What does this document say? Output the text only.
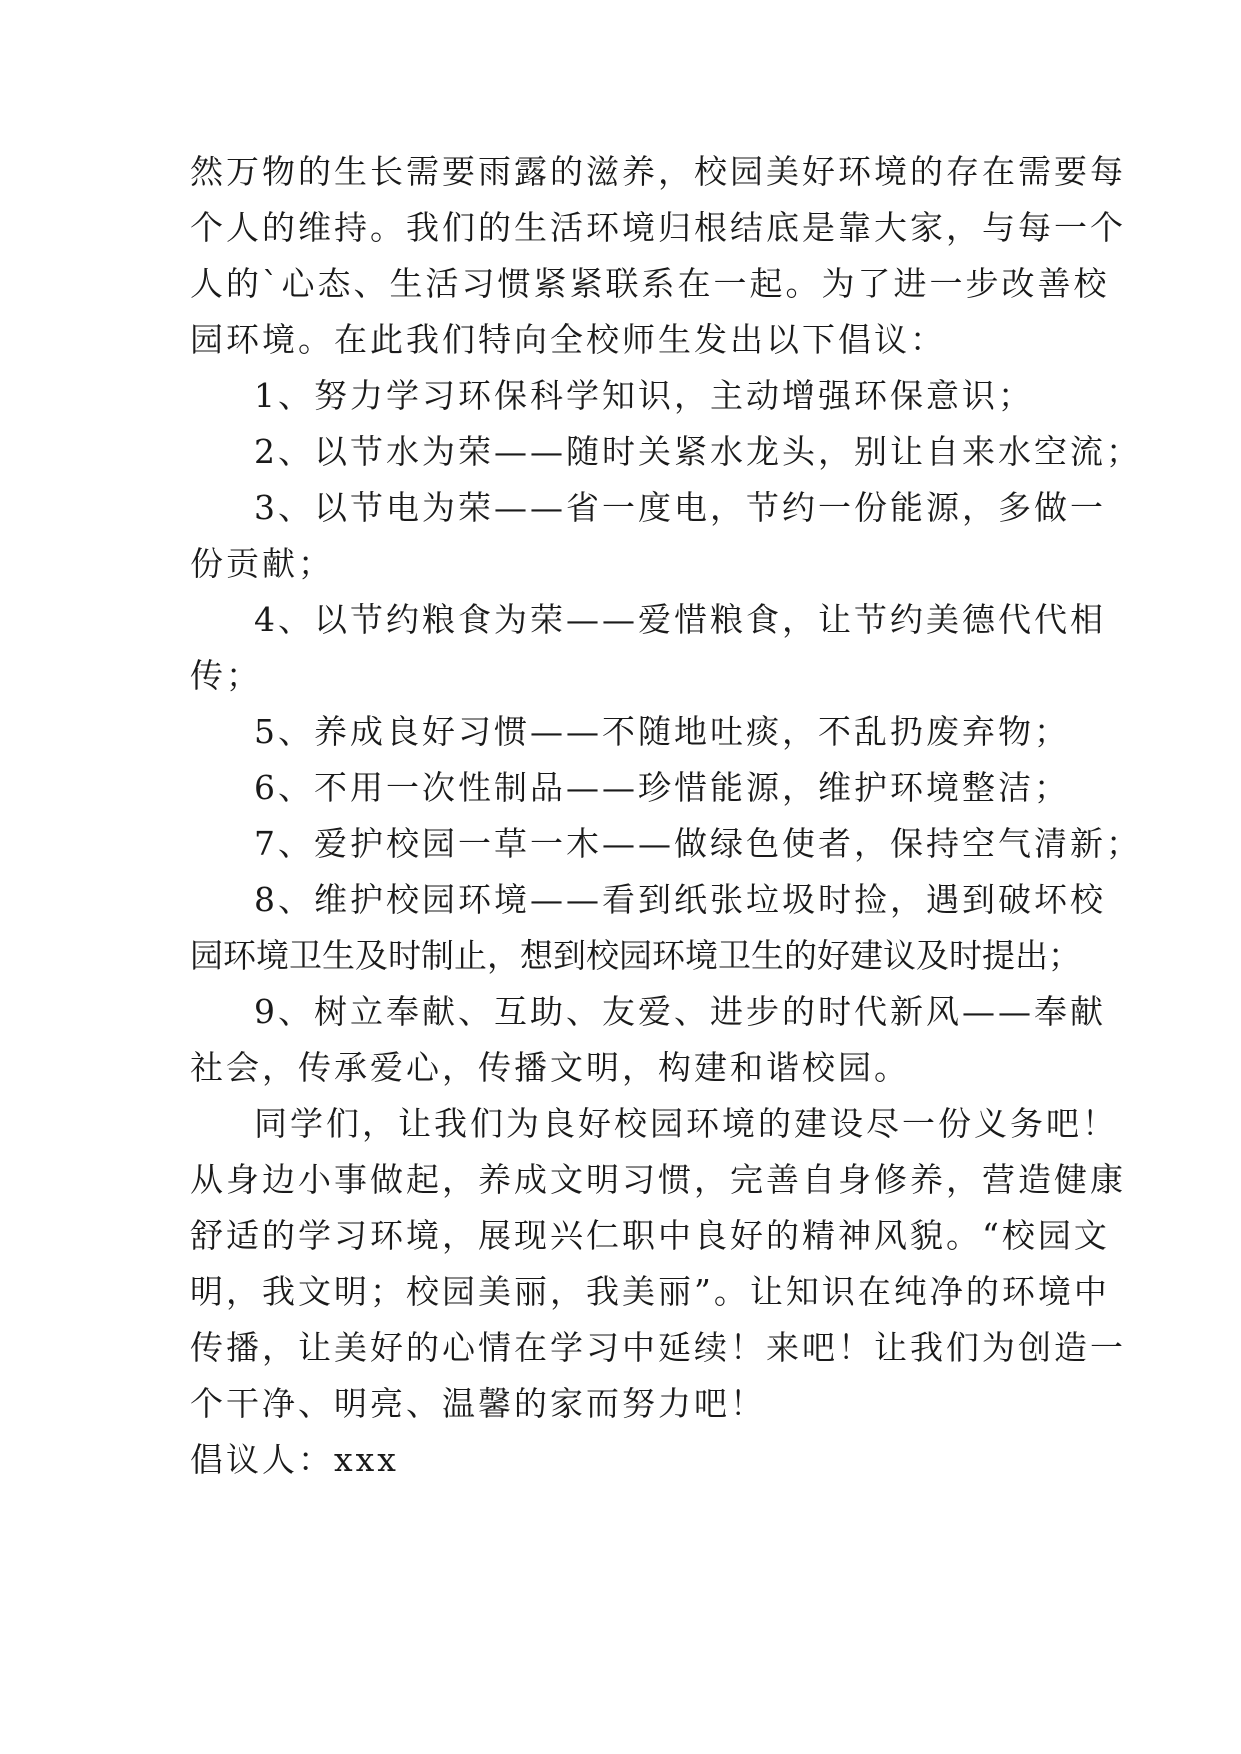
然万物的生长需要雨露的滋养，校园美好环境的存在需要每
个人的维持。我们的生活环境归根结底是靠大家，与每一个
人的`心态、生活习惯紧紧联系在一起。为了进一步改善校
园环境。在此我们特向全校师生发出以下倡议：
1、努力学习环保科学知识，主动增强环保意识；
2、以节水为荣——随时关紧水龙头，别让自来水空流；
3、以节电为荣——省一度电，节约一份能源，多做一
份贡献；
4、以节约粮食为荣——爱惜粮食，让节约美德代代相
传；
5、养成良好习惯——不随地吐痰，不乱扔废弃物；
6、不用一次性制品——珍惜能源，维护环境整洁；
7、爱护校园一草一木——做绿色使者，保持空气清新；
8、维护校园环境——看到纸张垃圾时捡，遇到破坏校
园环境卫生及时制止，想到校园环境卫生的好建议及时提出；
9、树立奉献、互助、友爱、进步的时代新风——奉献
社会，传承爱心，传播文明，构建和谐校园。
同学们，让我们为良好校园环境的建设尽一份义务吧！
从身边小事做起，养成文明习惯，完善自身修养，营造健康
舒适的学习环境，展现兴仁职中良好的精神风貌。“校园文
明，我文明；校园美丽，我美丽”。让知识在纯净的环境中
传播，让美好的心情在学习中延续！来吧！让我们为创造一
个干净、明亮、温馨的家而努力吧！
倡议人：xxx
